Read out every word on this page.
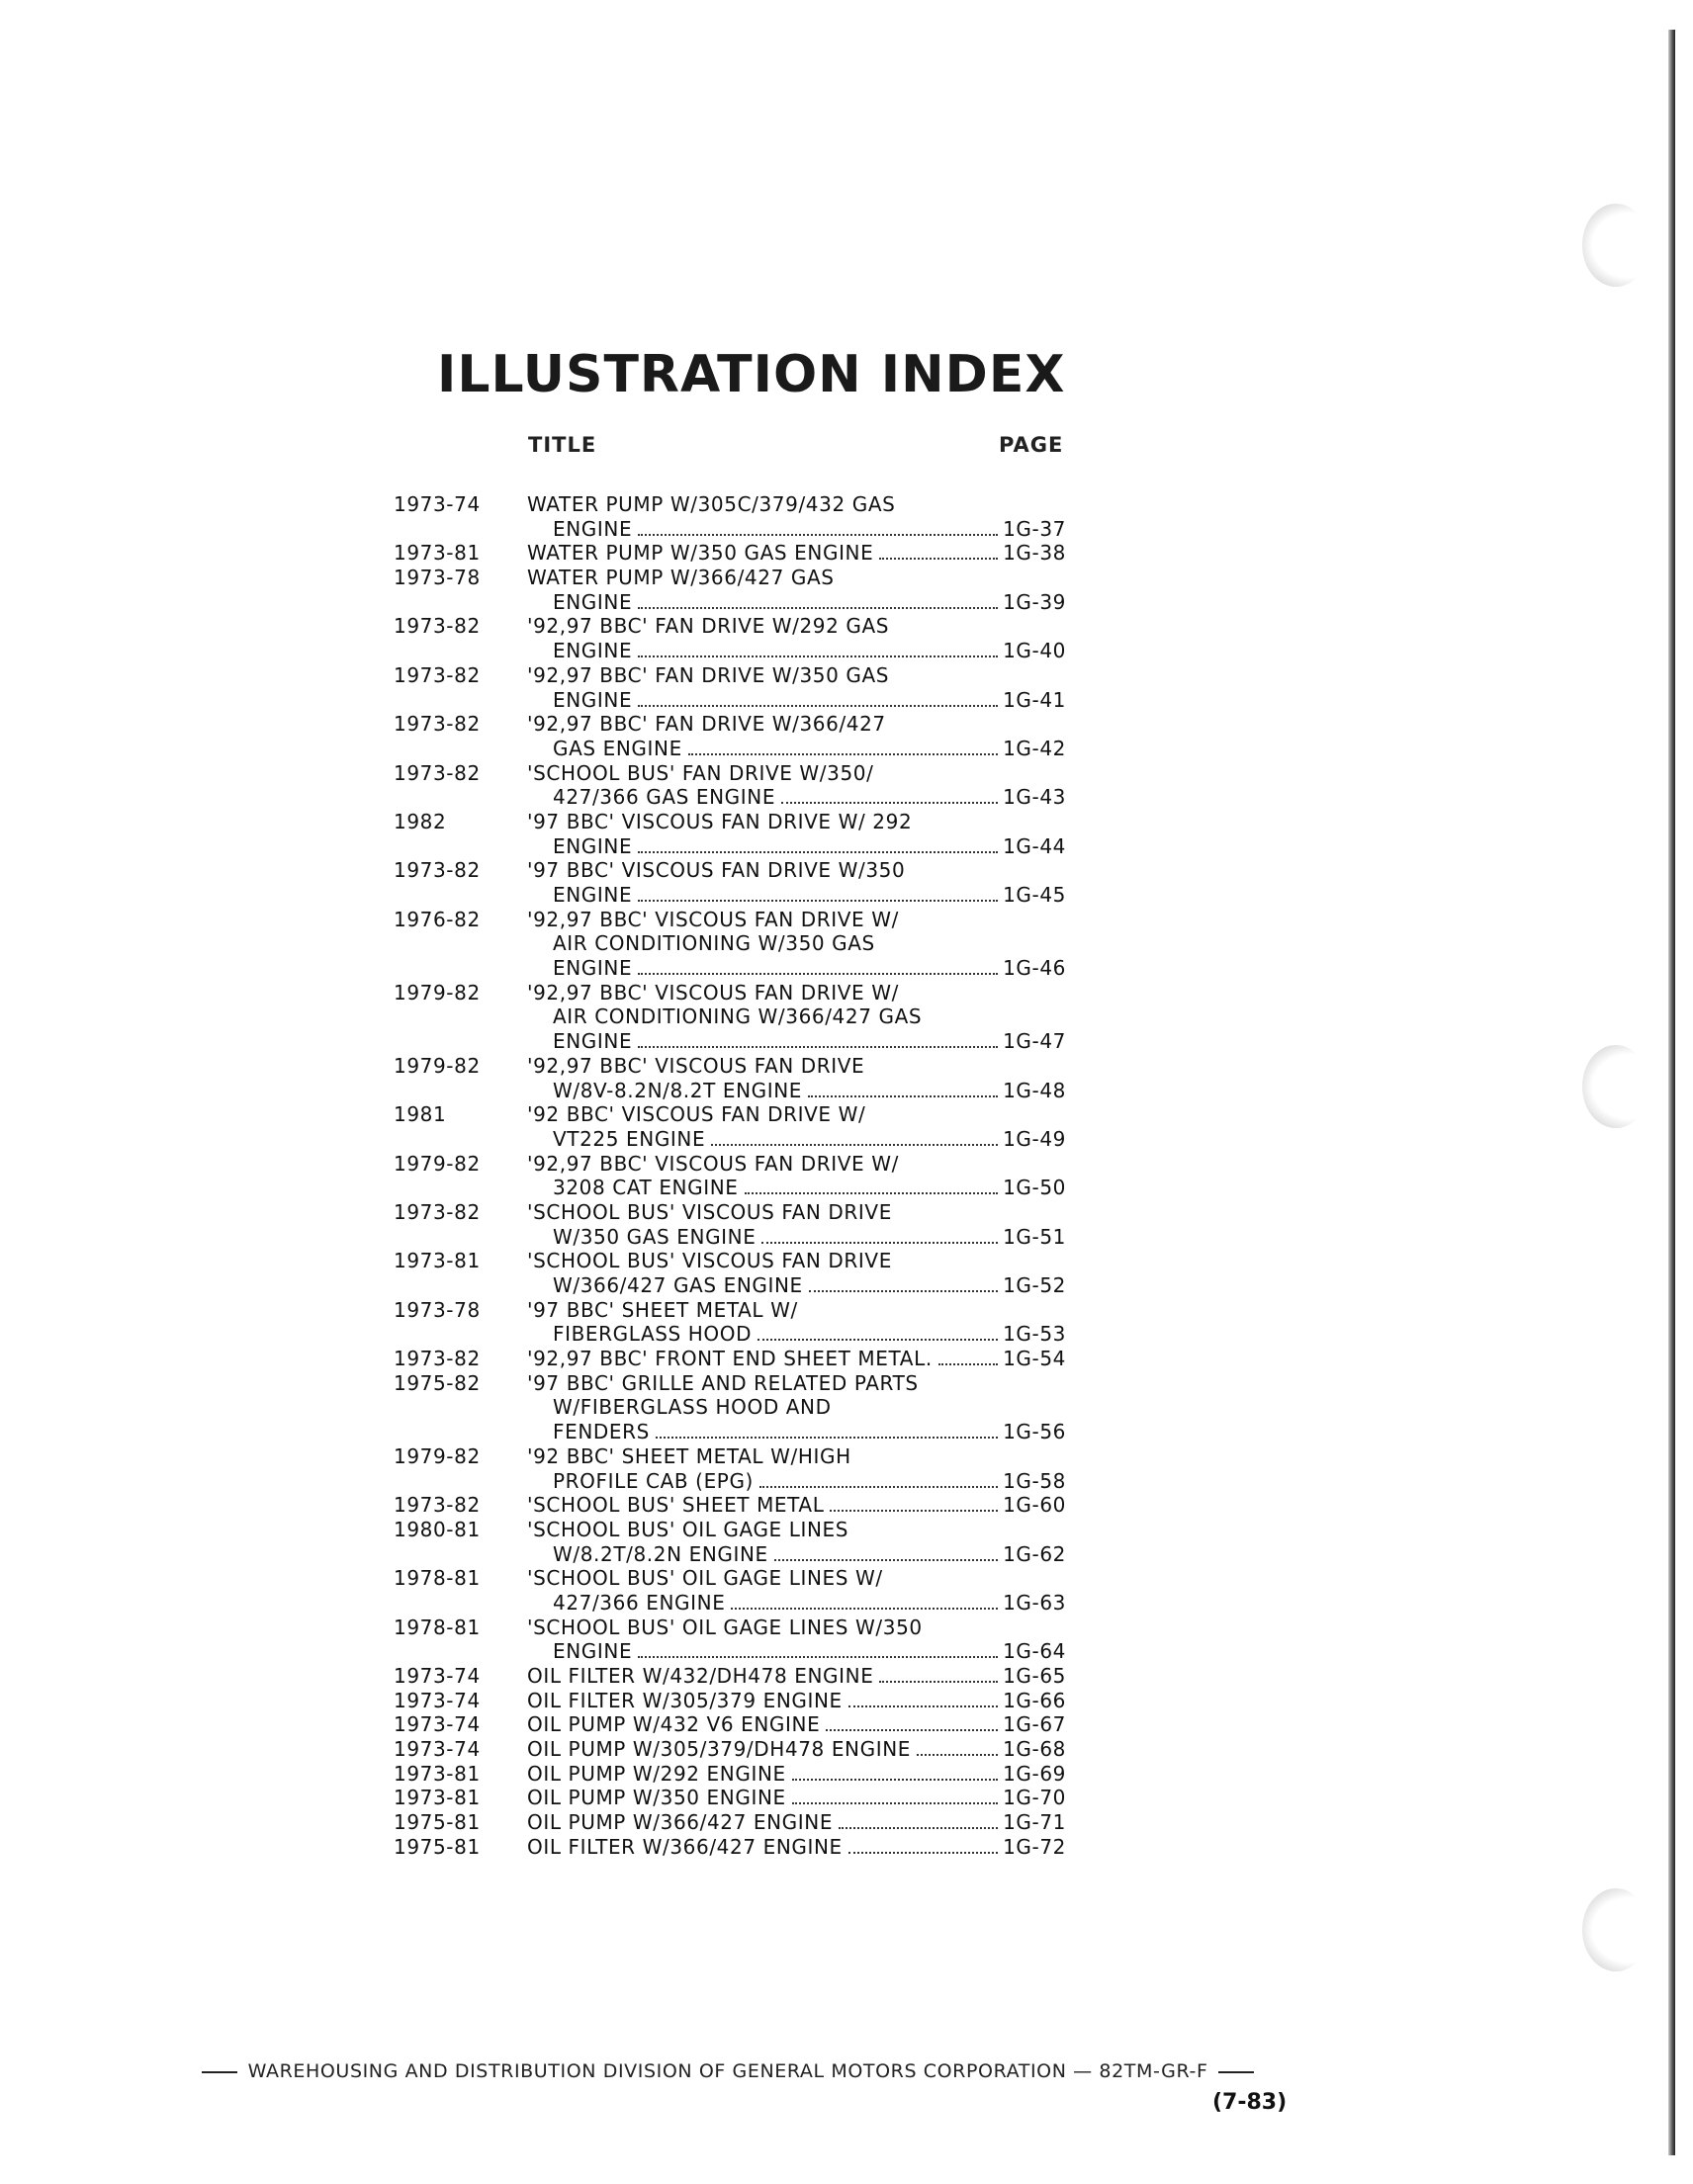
ILLUSTRATION INDEX
TITLE	PAGE
1973-74	WATER PUMP W/305C/379/432 GAS
ENGINE 1G-37

1973-81	WATER PUMP W/350 GAS ENGINE 1G-38

1973-78	WATER PUMP W/366/427 GAS
ENGINE 1G-39

1973-82	'92,97 BBC' FAN DRIVE W/292 GAS
ENGINE 1G-40

1973-82	'92,97 BBC' FAN DRIVE W/350 GAS
ENGINE 1G-41

1973-82	'92,97 BBC' FAN DRIVE W/366/427
GAS ENGINE 1G-42

1973-82	'SCHOOL BUS' FAN DRIVE W/350/
427/366 GAS ENGINE 1G-43

1982	'97 BBC' VISCOUS FAN DRIVE W/ 292
ENGINE 1G-44

1973-82	'97 BBC' VISCOUS FAN DRIVE W/350
ENGINE 1G-45

1976-82	'92,97 BBC' VISCOUS FAN DRIVE W/
AIR CONDITIONING W/350 GAS
ENGINE 1G-46

1979-82	'92,97 BBC' VISCOUS FAN DRIVE W/
AIR CONDITIONING W/366/427 GAS
ENGINE 1G-47

1979-82	'92,97 BBC' VISCOUS FAN DRIVE
W/8V-8.2N/8.2T ENGINE 1G-48

1981	'92 BBC' VISCOUS FAN DRIVE W/
VT225 ENGINE 1G-49

1979-82	'92,97 BBC' VISCOUS FAN DRIVE W/
3208 CAT ENGINE 1G-50

1973-82	'SCHOOL BUS' VISCOUS FAN DRIVE
W/350 GAS ENGINE 1G-51

1973-81	'SCHOOL BUS' VISCOUS FAN DRIVE
W/366/427 GAS ENGINE 1G-52

1973-78	'97 BBC' SHEET METAL W/
FIBERGLASS HOOD 1G-53

1973-82	'92,97 BBC' FRONT END SHEET METAL. 1G-54

1975-82	'97 BBC' GRILLE AND RELATED PARTS
W/FIBERGLASS HOOD AND
FENDERS 1G-56

1979-82	'92 BBC' SHEET METAL W/HIGH
PROFILE CAB (EPG) 1G-58

1973-82	'SCHOOL BUS' SHEET METAL 1G-60

1980-81	'SCHOOL BUS' OIL GAGE LINES
W/8.2T/8.2N ENGINE 1G-62

1978-81	'SCHOOL BUS' OIL GAGE LINES W/
427/366 ENGINE 1G-63

1978-81	'SCHOOL BUS' OIL GAGE LINES W/350
ENGINE 1G-64

1973-74	OIL FILTER W/432/DH478 ENGINE 1G-65

1973-74	OIL FILTER W/305/379 ENGINE 1G-66

1973-74	OIL PUMP W/432 V6 ENGINE 1G-67

1973-74	OIL PUMP W/305/379/DH478 ENGINE 1G-68

1973-81	OIL PUMP W/292 ENGINE 1G-69

1973-81	OIL PUMP W/350 ENGINE 1G-70

1975-81	OIL PUMP W/366/427 ENGINE 1G-71

1975-81	OIL FILTER W/366/427 ENGINE 1G-72
WAREHOUSING AND DISTRIBUTION DIVISION OF GENERAL MOTORS CORPORATION — 82TM-GR-F
(7-83)
